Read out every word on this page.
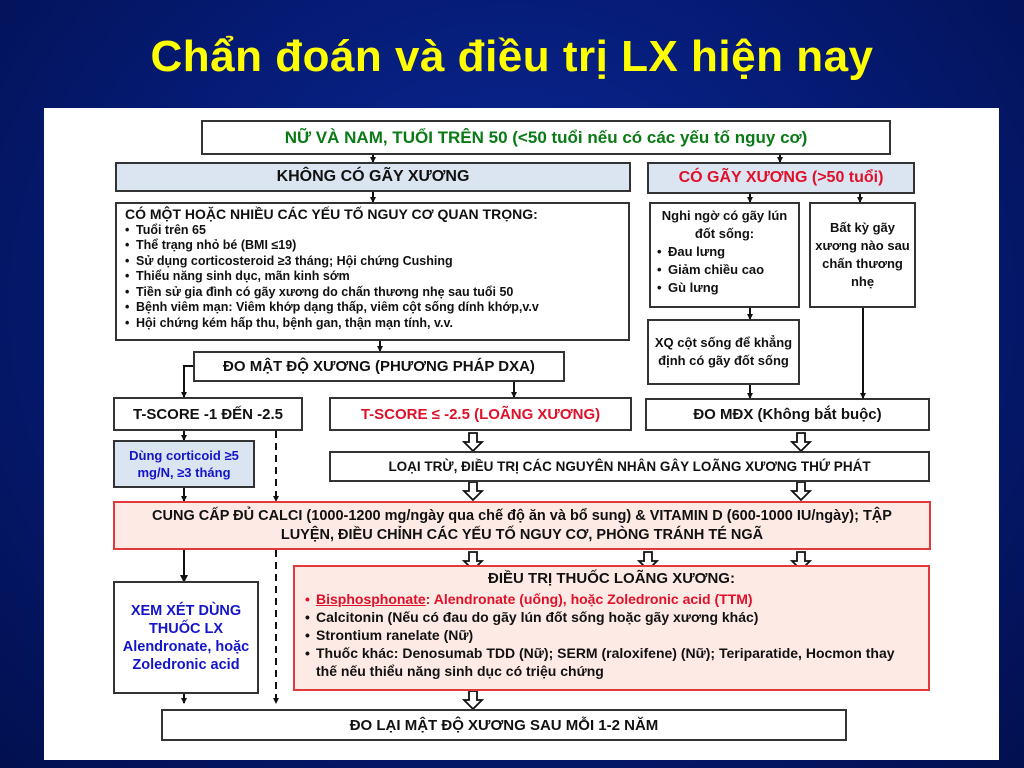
Chẩn đoán và điều trị LX hiện nay
NỮ VÀ NAM, TUỔI TRÊN 50 (<50 tuổi nếu có các yếu tố nguy cơ)
KHÔNG CÓ GÃY XƯƠNG	CÓ GÃY XƯƠNG (>50 tuổi)
CÓ MỘT HOẶC NHIỀU CÁC YẾU TỐ NGUY CƠ QUAN TRỌNG:
• Tuổi trên 65
• Thể trạng nhỏ bé (BMI ≤19)
• Sử dụng corticosteroid ≥3 tháng; Hội chứng Cushing
• Thiểu năng sinh dục, mãn kinh sớm
• Tiền sử gia đình có gãy xương do chấn thương nhẹ sau tuổi 50
• Bệnh viêm mạn: Viêm khớp dạng thấp, viêm cột sống dính khớp,v.v
• Hội chứng kém hấp thu, bệnh gan, thận mạn tính, v.v.
Nghi ngờ có gãy lún đốt sống:
• Đau lưng
• Giảm chiều cao
• Gù lưng
Bất kỳ gãy xương nào sau chấn thương nhẹ
XQ cột sống để khẳng định có gãy đốt sống
ĐO MẬT ĐỘ XƯƠNG (PHƯƠNG PHÁP DXA)
T-SCORE -1 ĐẾN -2.5	T-SCORE ≤ -2.5 (LOÃNG XƯƠNG)	ĐO MĐX (Không bắt buộc)
Dùng corticoid ≥5 mg/N, ≥3 tháng	LOẠI TRỪ, ĐIỀU TRỊ CÁC NGUYÊN NHÂN GÂY LOÃNG XƯƠNG THỨ PHÁT
CUNG CẤP ĐỦ CALCI (1000-1200 mg/ngày qua chế độ ăn và bổ sung) & VITAMIN D (600-1000 IU/ngày); TẬP LUYỆN, ĐIỀU CHỈNH CÁC YẾU TỐ NGUY CƠ, PHÒNG TRÁNH TÉ NGÃ
XEM XÉT DÙNG THUỐC LX Alendronate, hoặc Zoledronic acid
ĐIỀU TRỊ THUỐC LOÃNG XƯƠNG:
• Bisphosphonate: Alendronate (uống), hoặc Zoledronic acid (TTM)
• Calcitonin (Nếu có đau do gãy lún đốt sống hoặc gãy xương khác)
• Strontium ranelate (Nữ)
• Thuốc khác: Denosumab TDD (Nữ); SERM (raloxifene) (Nữ); Teriparatide, Hocmon thay thế nếu thiểu năng sinh dục có triệu chứng
ĐO LẠI MẬT ĐỘ XƯƠNG SAU MỖI 1-2 NĂM
